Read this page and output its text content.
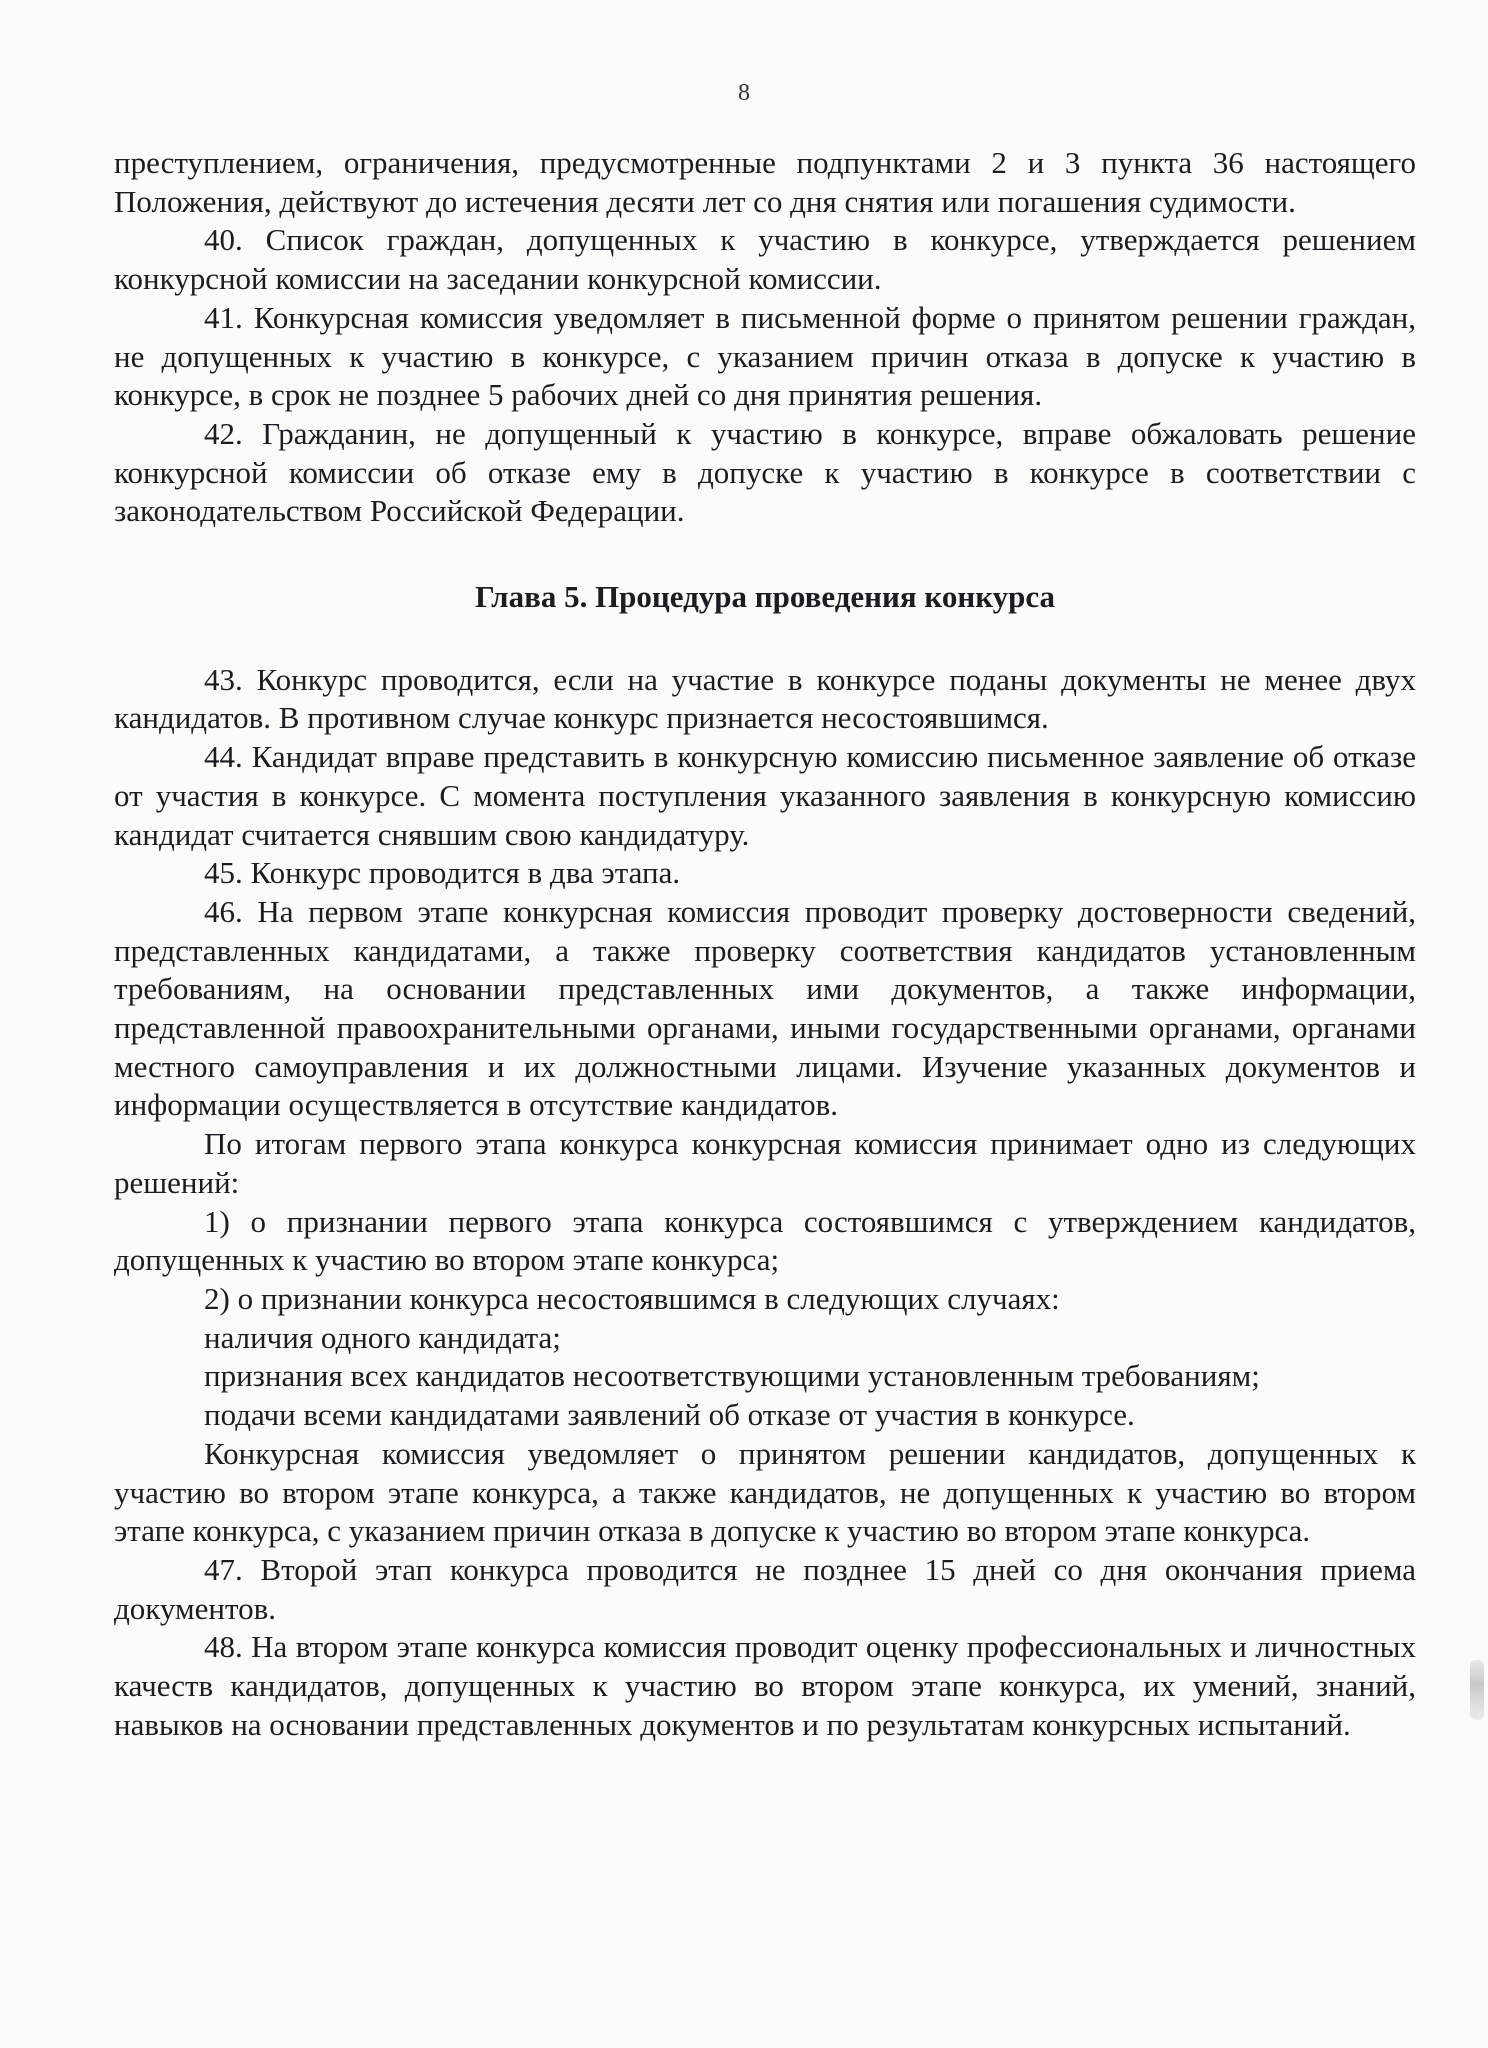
8

преступлением, ограничения, предусмотренные подпунктами 2 и 3 пункта 36 настоящего Положения, действуют до истечения десяти лет со дня снятия или погашения судимости.

40. Список граждан, допущенных к участию в конкурсе, утверждается решением конкурсной комиссии на заседании конкурсной комиссии.

41. Конкурсная комиссия уведомляет в письменной форме о принятом решении граждан, не допущенных к участию в конкурсе, с указанием причин отказа в допуске к участию в конкурсе, в срок не позднее 5 рабочих дней со дня принятия решения.

42. Гражданин, не допущенный к участию в конкурсе, вправе обжаловать решение конкурсной комиссии об отказе ему в допуске к участию в конкурсе в соответствии с законодательством Российской Федерации.

Глава 5. Процедура проведения конкурса

43. Конкурс проводится, если на участие в конкурсе поданы документы не менее двух кандидатов. В противном случае конкурс признается несостоявшимся.

44. Кандидат вправе представить в конкурсную комиссию письменное заявление об отказе от участия в конкурсе. С момента поступления указанного заявления в конкурсную комиссию кандидат считается снявшим свою кандидатуру.

45. Конкурс проводится в два этапа.

46. На первом этапе конкурсная комиссия проводит проверку достоверности сведений, представленных кандидатами, а также проверку соответствия кандидатов установленным требованиям, на основании представленных ими документов, а также информации, представленной правоохранительными органами, иными государственными органами, органами местного самоуправления и их должностными лицами. Изучение указанных документов и информации осуществляется в отсутствие кандидатов.

По итогам первого этапа конкурса конкурсная комиссия принимает одно из следующих решений:

1) о признании первого этапа конкурса состоявшимся с утверждением кандидатов, допущенных к участию во втором этапе конкурса;

2) о признании конкурса несостоявшимся в следующих случаях:

наличия одного кандидата;

признания всех кандидатов несоответствующими установленным требованиям;

подачи всеми кандидатами заявлений об отказе от участия в конкурсе.

Конкурсная комиссия уведомляет о принятом решении кандидатов, допущенных к участию во втором этапе конкурса, а также кандидатов, не допущенных к участию во втором этапе конкурса, с указанием причин отказа в допуске к участию во втором этапе конкурса.

47. Второй этап конкурса проводится не позднее 15 дней со дня окончания приема документов.

48. На втором этапе конкурса комиссия проводит оценку профессиональных и личностных качеств кандидатов, допущенных к участию во втором этапе конкурса, их умений, знаний, навыков на основании представленных документов и по результатам конкурсных испытаний.
